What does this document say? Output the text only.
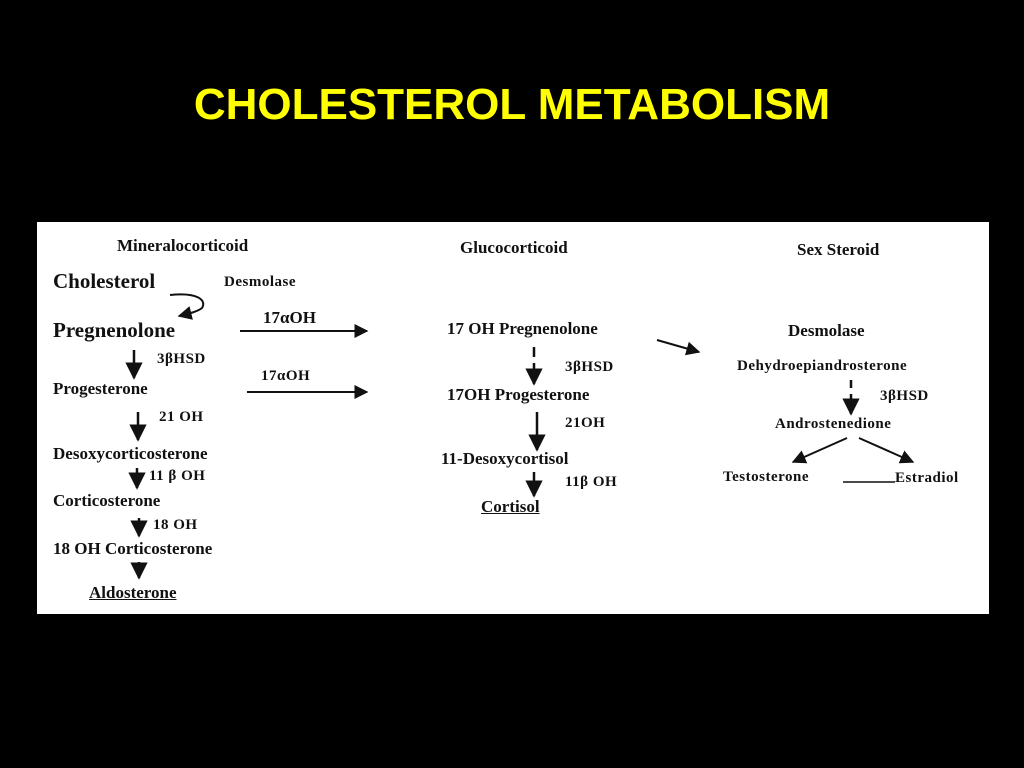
CHOLESTEROL METABOLISM
Mineralocorticoid	Glucocorticoid	Sex Steroid
Cholesterol	Desmolase
Pregnenolone
3βHSD
Progesterone
21 OH
Desoxycorticosterone
11 β OH
Corticosterone
18 OH
18 OH Corticosterone
Aldosterone
17αOH
17αOH
17 OH Pregnenolone
3βHSD
17OH Progesterone
21OH
11-Desoxycortisol
11β OH
Cortisol
Desmolase
Dehydroepiandrosterone
3βHSD
Androstenedione
Testosterone	Estradiol
